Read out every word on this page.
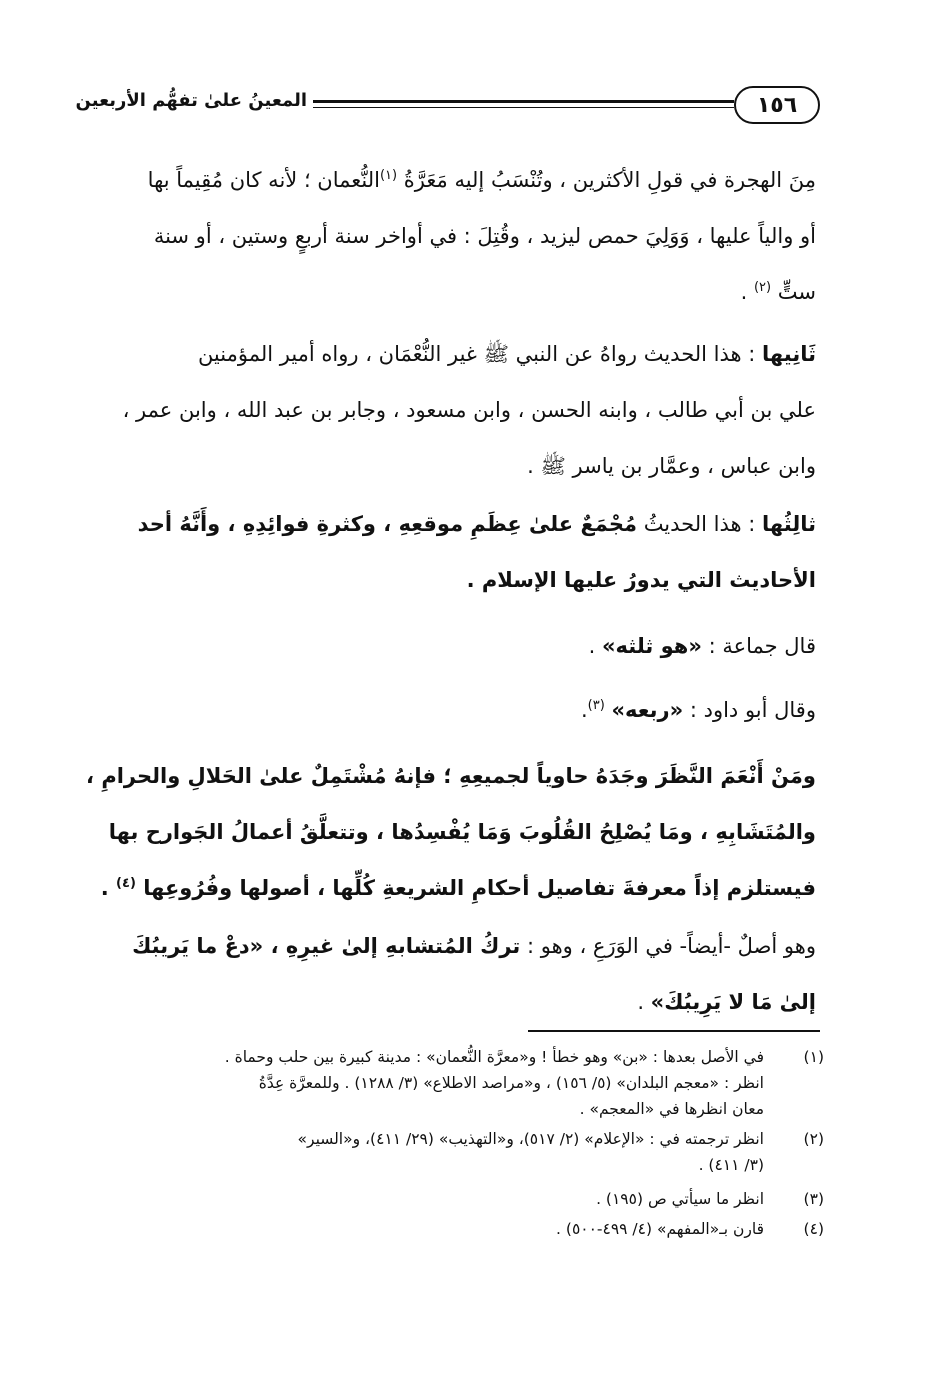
١٥٦
المعينُ علىٰ تفهُّم الأربعين
مِنَ الهجرة في قولِ الأكثرين ، وتُنْسَبُ إليه مَعَرَّةُ $^{(١)}$النُّعمان ؛ لأنه كان مُقِيماً بها
أو والياً عليها ، وَوَلِيَ حمص ليزيد ، وقُتِلَ : في أواخر سنة أربعٍ وستين ، أو سنة
ستٍّ $^{(٢)}$ .
ثَانِيها : هذا الحديث رواهُ عن النبي ﷺ غير النُّعْمَان ، رواه أمير المؤمنين
علي بن أبي طالب ، وابنه الحسن ، وابن مسعود ، وجابر بن عبد الله ، وابن عمر ،
وابن عباس ، وعمَّار بن ياسر ﷺ .
ثالِثُها : هذا الحديثُ مُجْمَعٌ علىٰ عِظَمِ موقعِهِ ، وكثرةِ فوائِدِهِ ، وأَنَّهُ أحد
الأحاديث التي يدورُ عليها الإسلام .
قال جماعة : «هو ثلثه» .
وقال أبو داود : «ربعه» $^{(٣)}$.
ومَنْ أَنْعَمَ النَّظَرَ وجَدَهُ حاوياً لجميعِهِ ؛ فإنهُ مُشْتَمِلٌ علىٰ الحَلالِ والحرامِ ،
والمُتَشَابِهِ ، ومَا يُصْلِحُ القُلُوبَ وَمَا يُفْسِدُها ، وتتعلَّقُ أعمالُ الجَوارح بها
فيستلزم إذاً معرفةَ تفاصيل أحكامِ الشريعةِ كُلِّها ، أصولها وفُرُوعِها $^{(٤)}$ .
وهو أصلٌ -أيضاً- في الوَرَعِ ، وهو : تركُ المُتشابهِ إلىٰ غيرِهِ ، «دعْ ما يَريبُكَ
إلىٰ مَا لا يَرِيبُكَ» .
(١)
في الأصل بعدها : «بن» وهو خطأ ! و«معرَّة النُّعمان» : مدينة كبيرة بين حلب وحماة .
انظر : «معجم البلدان» (٥/ ١٥٦) ، و«مراصد الاطلاع» (٣/ ١٢٨٨) . وللمعرَّة عِدَّةُ
معان انظرها في «المعجم» .
(٢)
انظر ترجمته في : «الإعلام» (٢/ ٥١٧)، و«التهذيب» (٢٩/ ٤١١)، و«السير»
(٣/ ٤١١) .
(٣)
انظر ما سيأتي ص (١٩٥) .
(٤)
قارن بـ«المفهم» (٤/ ٤٩٩-٥٠٠) .
